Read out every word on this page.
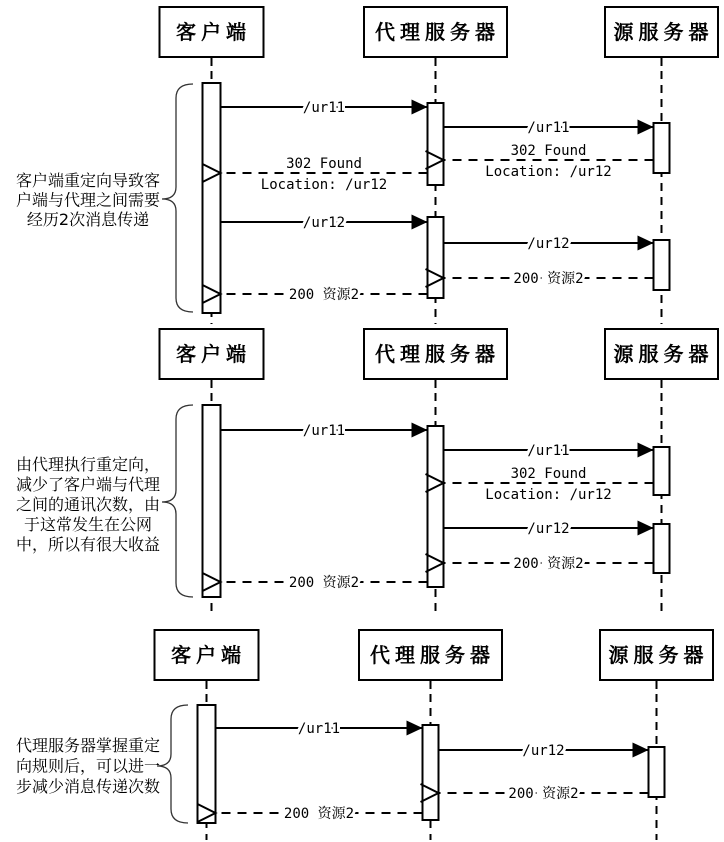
/ur11
/ur11
302 Found
Location: /ur12
302 Found
Location: /ur12
/ur12
/ur12
200 资源2
200 资源2
客户端	代理服务器	源服务器
客户端重定向导致客
户端与代理之间需要
经历2次消息传递
/ur11
/ur11
302 Found
Location: /ur12
/ur12
200 资源2
200 资源2
客户端	代理服务器	源服务器
由代理执行重定向，
减少了客户端与代理
之间的通讯次数，由
于这常发生在公网
中，所以有很大收益
/ur11
/ur12
200 资源2
200 资源2
客户端	代理服务器	源服务器
代理服务器掌握重定
向规则后，可以进一
步减少消息传递次数
